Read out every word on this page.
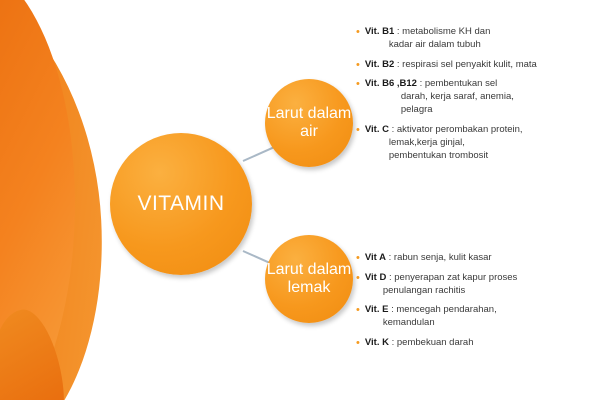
VITAMIN
Larut dalam air
Larut dalam lemak
• Vit. B1 : metabolisme KH dan
kadar air dalam tubuh
• Vit. B2 : respirasi sel penyakit kulit, mata
• Vit. B6 ,B12 : pembentukan sel
darah, kerja saraf, anemia,
pelagra
• Vit. C : aktivator perombakan protein,
lemak,kerja ginjal,
pembentukan trombosit
• Vit A : rabun senja, kulit kasar
• Vit D : penyerapan zat kapur proses
penulangan rachitis
• Vit. E : mencegah pendarahan,
kemandulan
• Vit. K : pembekuan darah
